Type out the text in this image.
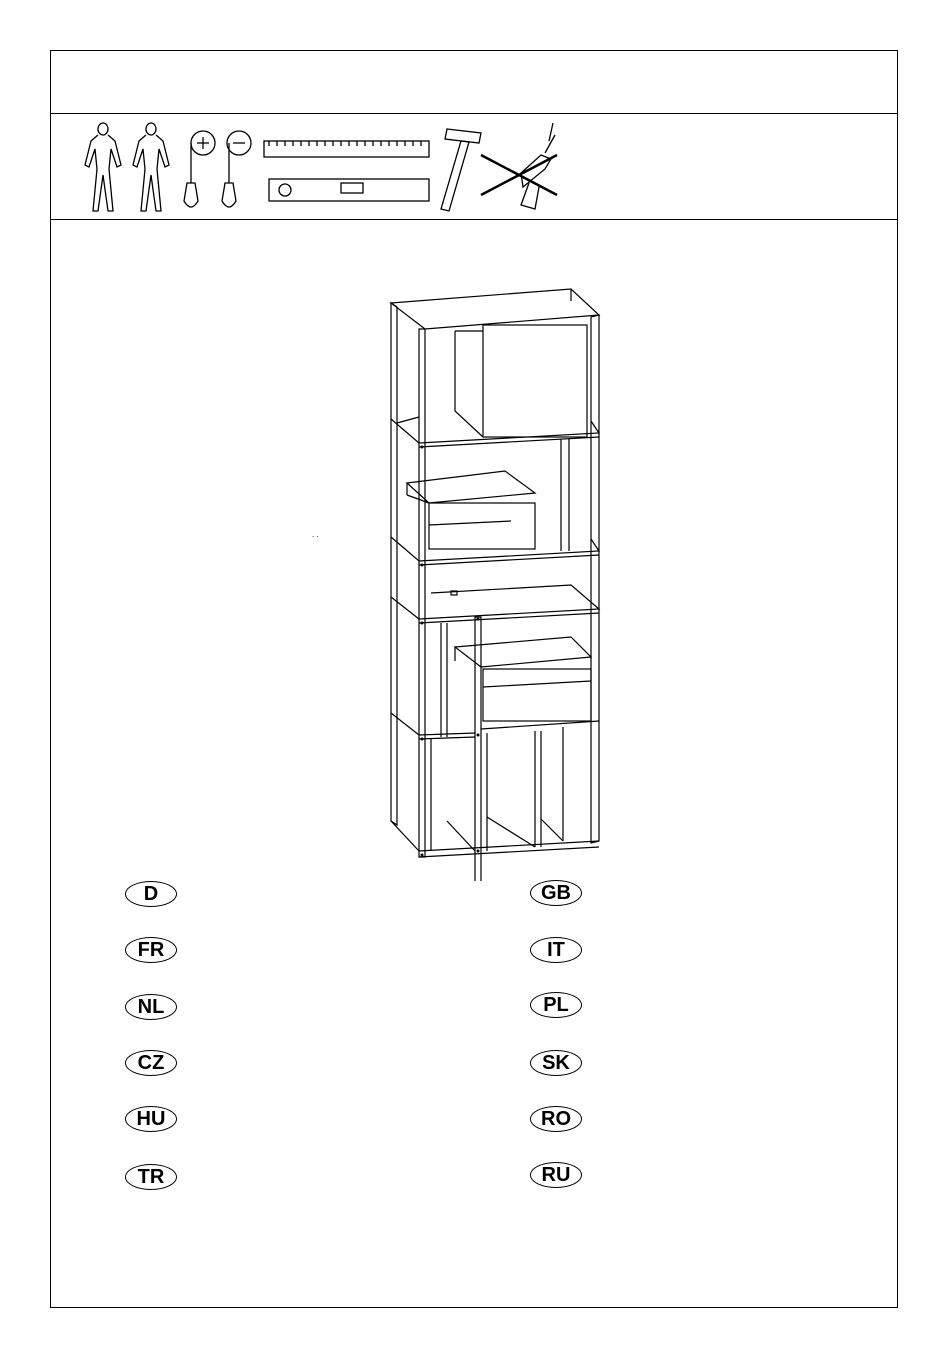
. .
D
FR
NL
CZ
HU
TR
GB
IT
PL
SK
RO
RU
